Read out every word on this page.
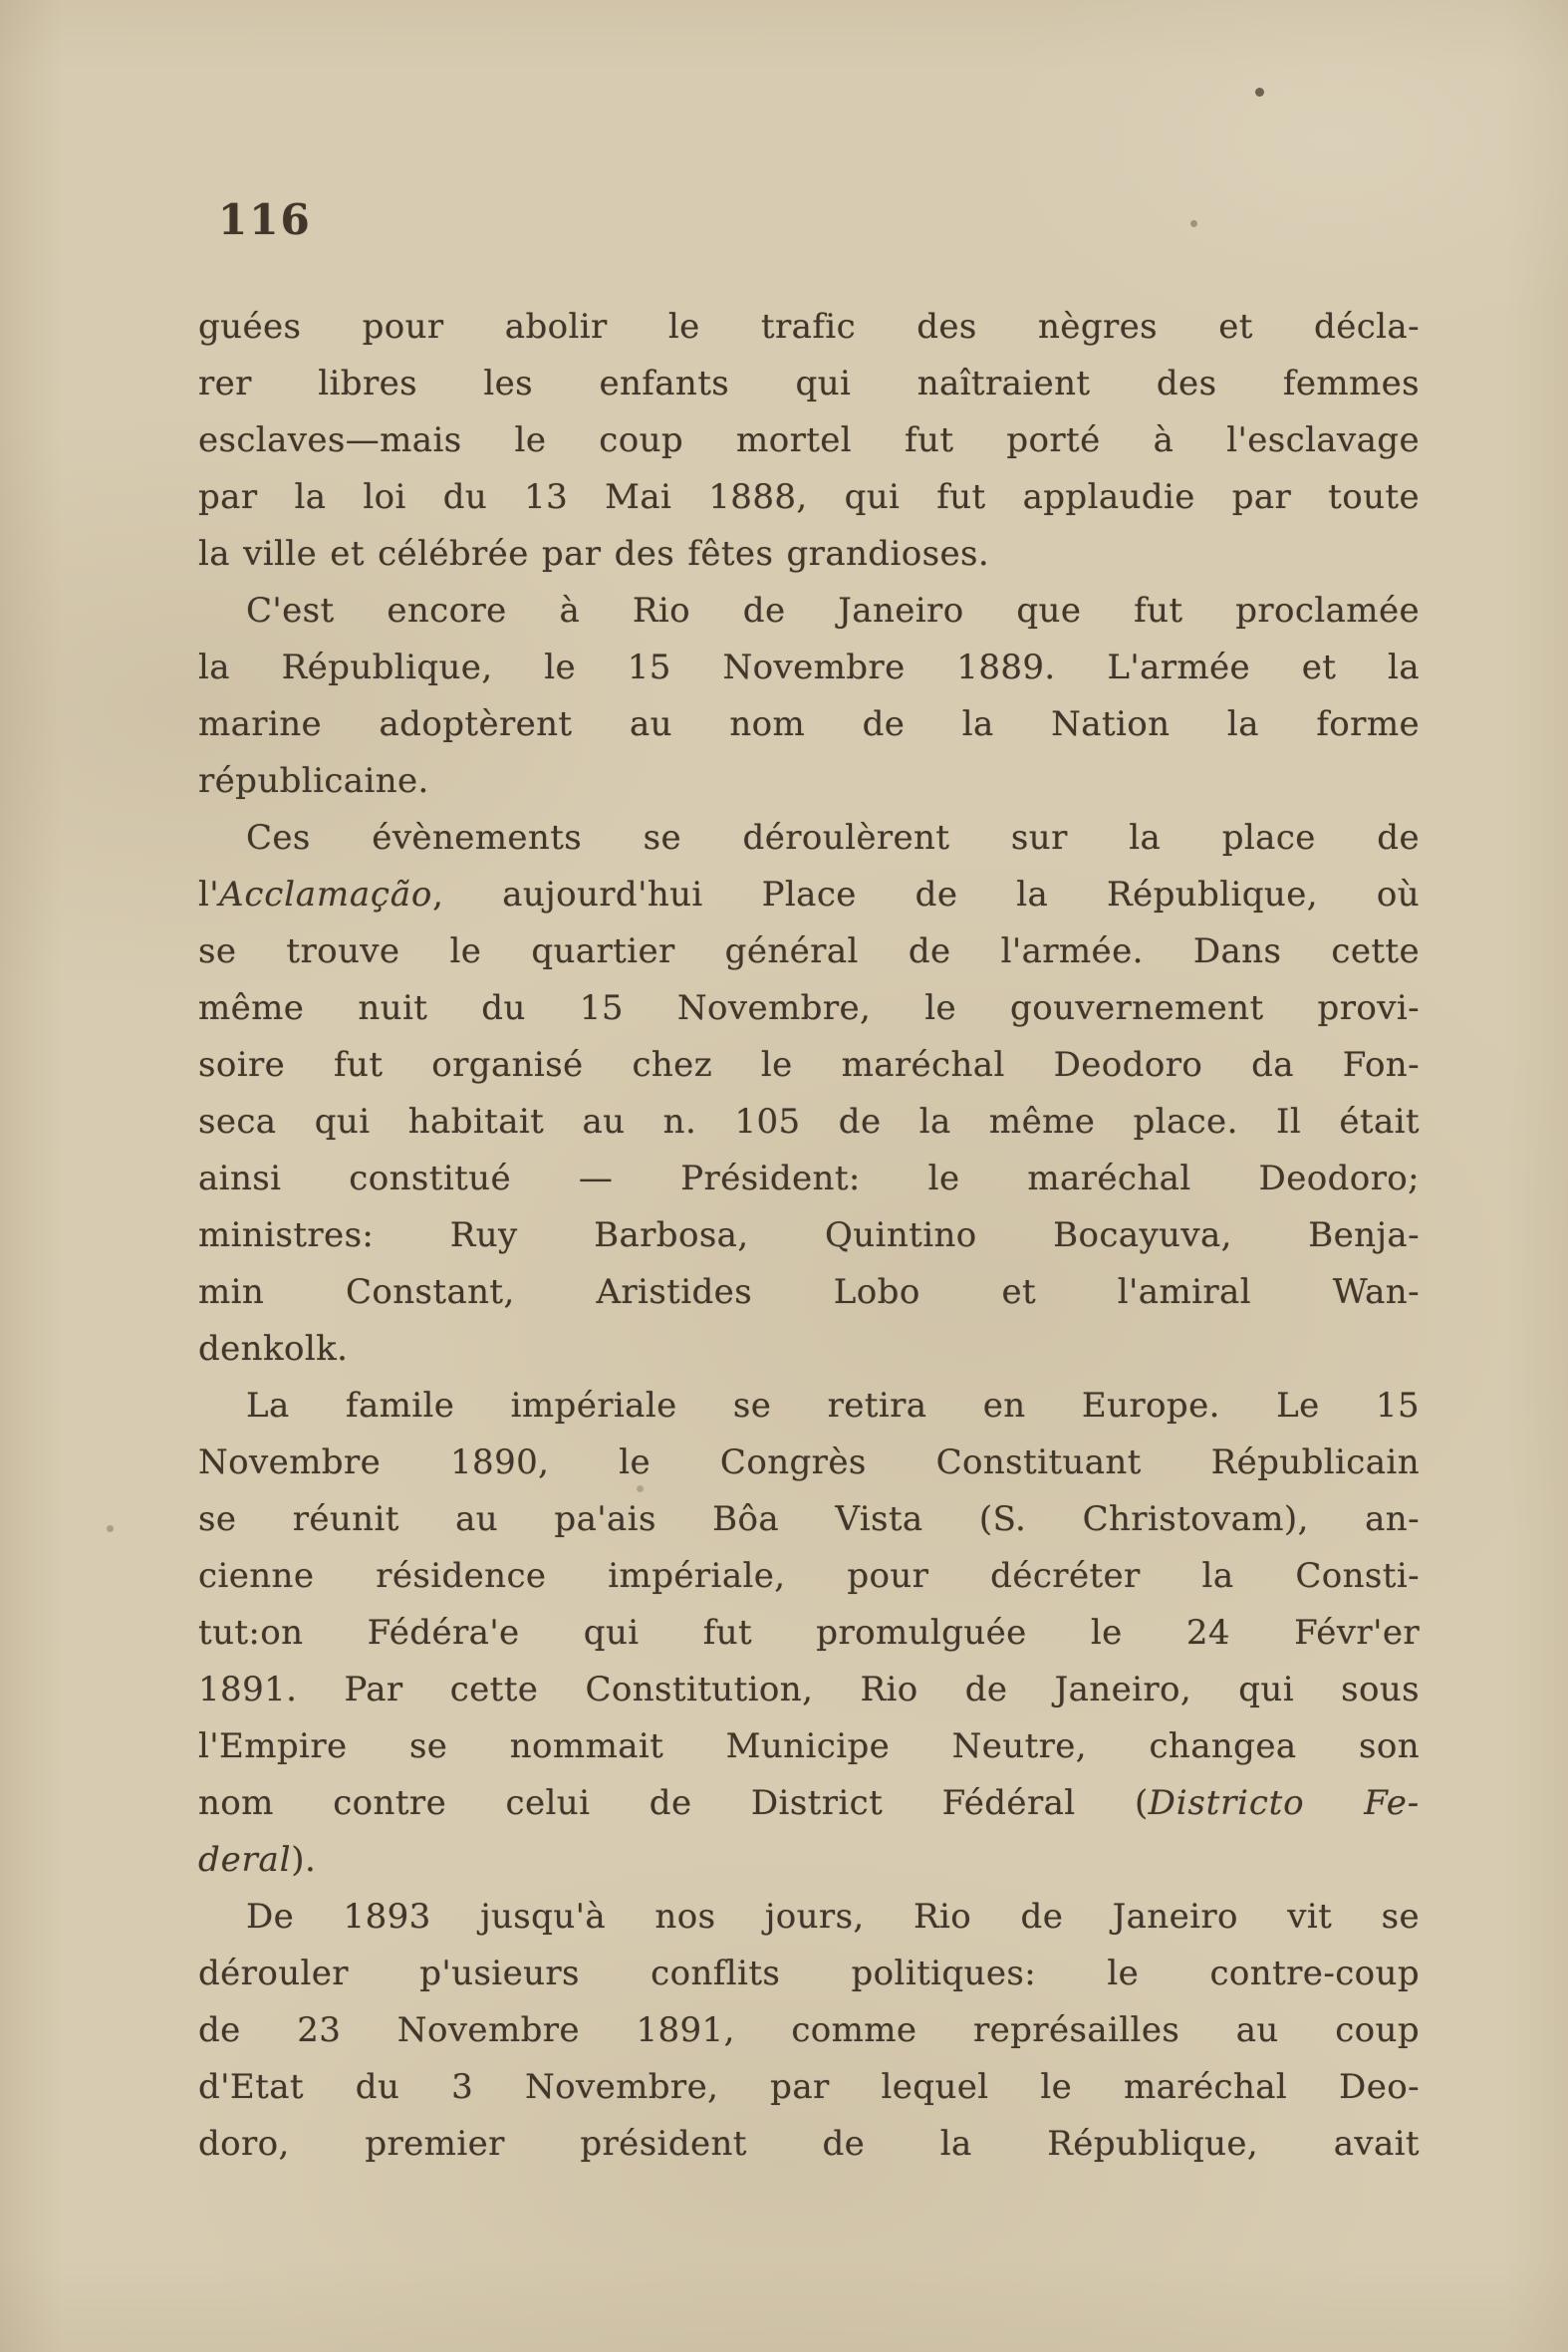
116
guées pour abolir le trafic des nègres et décla-
rer libres les enfants qui naîtraient des femmes
esclaves—mais le coup mortel fut porté à l'esclavage
par la loi du 13 Mai 1888, qui fut applaudie par toute
la ville et célébrée par des fêtes grandioses.
C'est encore à Rio de Janeiro que fut proclamée
la République, le 15 Novembre 1889. L'armée et la
marine adoptèrent au nom de la Nation la forme
républicaine.
Ces évènements se déroulèrent sur la place de
l'Acclamação, aujourd'hui Place de la République, où
se trouve le quartier général de l'armée. Dans cette
même nuit du 15 Novembre, le gouvernement provi-
soire fut organisé chez le maréchal Deodoro da Fon-
seca qui habitait au n. 105 de la même place. Il était
ainsi constitué — Président: le maréchal Deodoro;
ministres: Ruy Barbosa, Quintino Bocayuva, Benja-
min Constant, Aristides Lobo et l'amiral Wan-
denkolk.
La famile impériale se retira en Europe. Le 15
Novembre 1890, le Congrès Constituant Républicain
se réunit au pa'ais Bôa Vista (S. Christovam), an-
cienne résidence impériale, pour décréter la Consti-
tut:on Fédéra'e qui fut promulguée le 24 Févr'er
1891. Par cette Constitution, Rio de Janeiro, qui sous
l'Empire se nommait Municipe Neutre, changea son
nom contre celui de District Fédéral (Districto Fe-
deral).
De 1893 jusqu'à nos jours, Rio de Janeiro vit se
dérouler p'usieurs conflits politiques: le contre-coup
de 23 Novembre 1891, comme représailles au coup
d'Etat du 3 Novembre, par lequel le maréchal Deo-
doro, premier président de la République, avait
